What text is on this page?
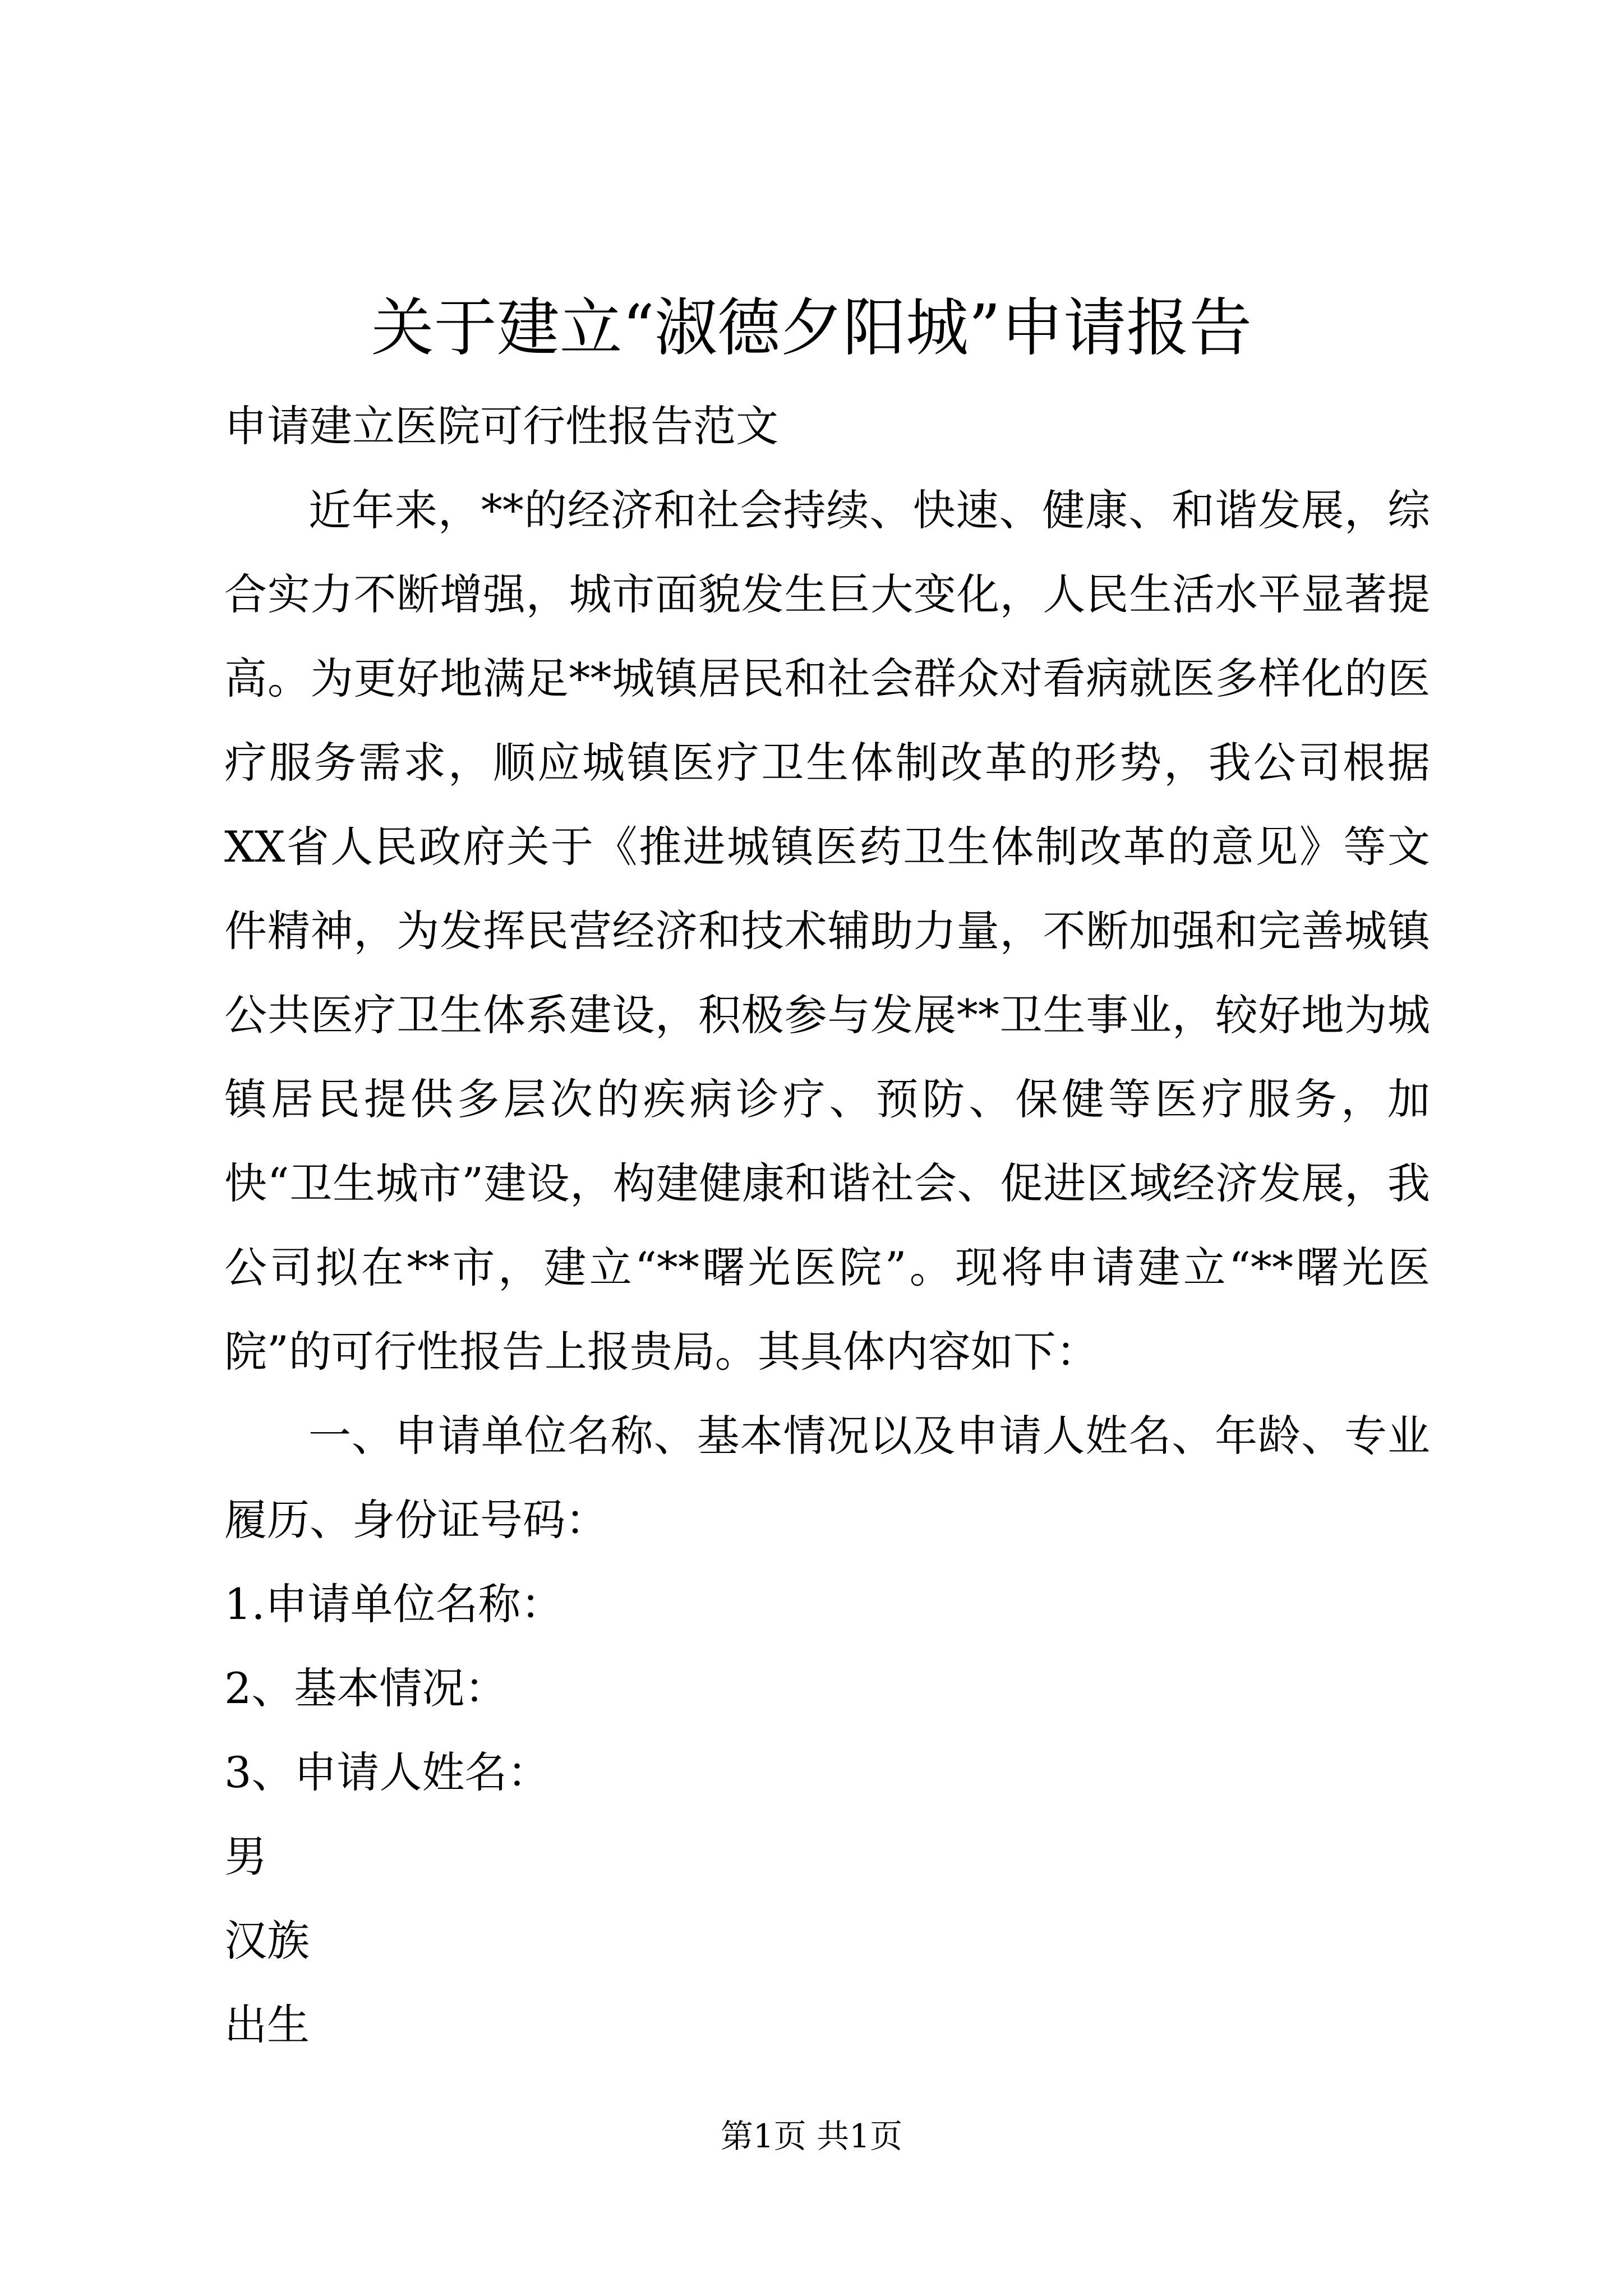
关于建立“淑德夕阳城”申请报告

申请建立医院可行性报告范文

近年来，**的经济和社会持续、快速、健康、和谐发展，综合实力不断增强，城市面貌发生巨大变化，人民生活水平显著提高。为更好地满足**城镇居民和社会群众对看病就医多样化的医疗服务需求，顺应城镇医疗卫生体制改革的形势，我公司根据XX省人民政府关于《推进城镇医药卫生体制改革的意见》等文件精神，为发挥民营经济和技术辅助力量，不断加强和完善城镇公共医疗卫生体系建设，积极参与发展**卫生事业，较好地为城镇居民提供多层次的疾病诊疗、预防、保健等医疗服务，加快“卫生城市”建设，构建健康和谐社会、促进区域经济发展，我公司拟在**市，建立“**曙光医院”。现将申请建立“**曙光医院”的可行性报告上报贵局。其具体内容如下：

一、申请单位名称、基本情况以及申请人姓名、年龄、专业履历、身份证号码：

1.申请单位名称：

2、基本情况：

3、申请人姓名：

男

汉族

出生

第1页 共1页
